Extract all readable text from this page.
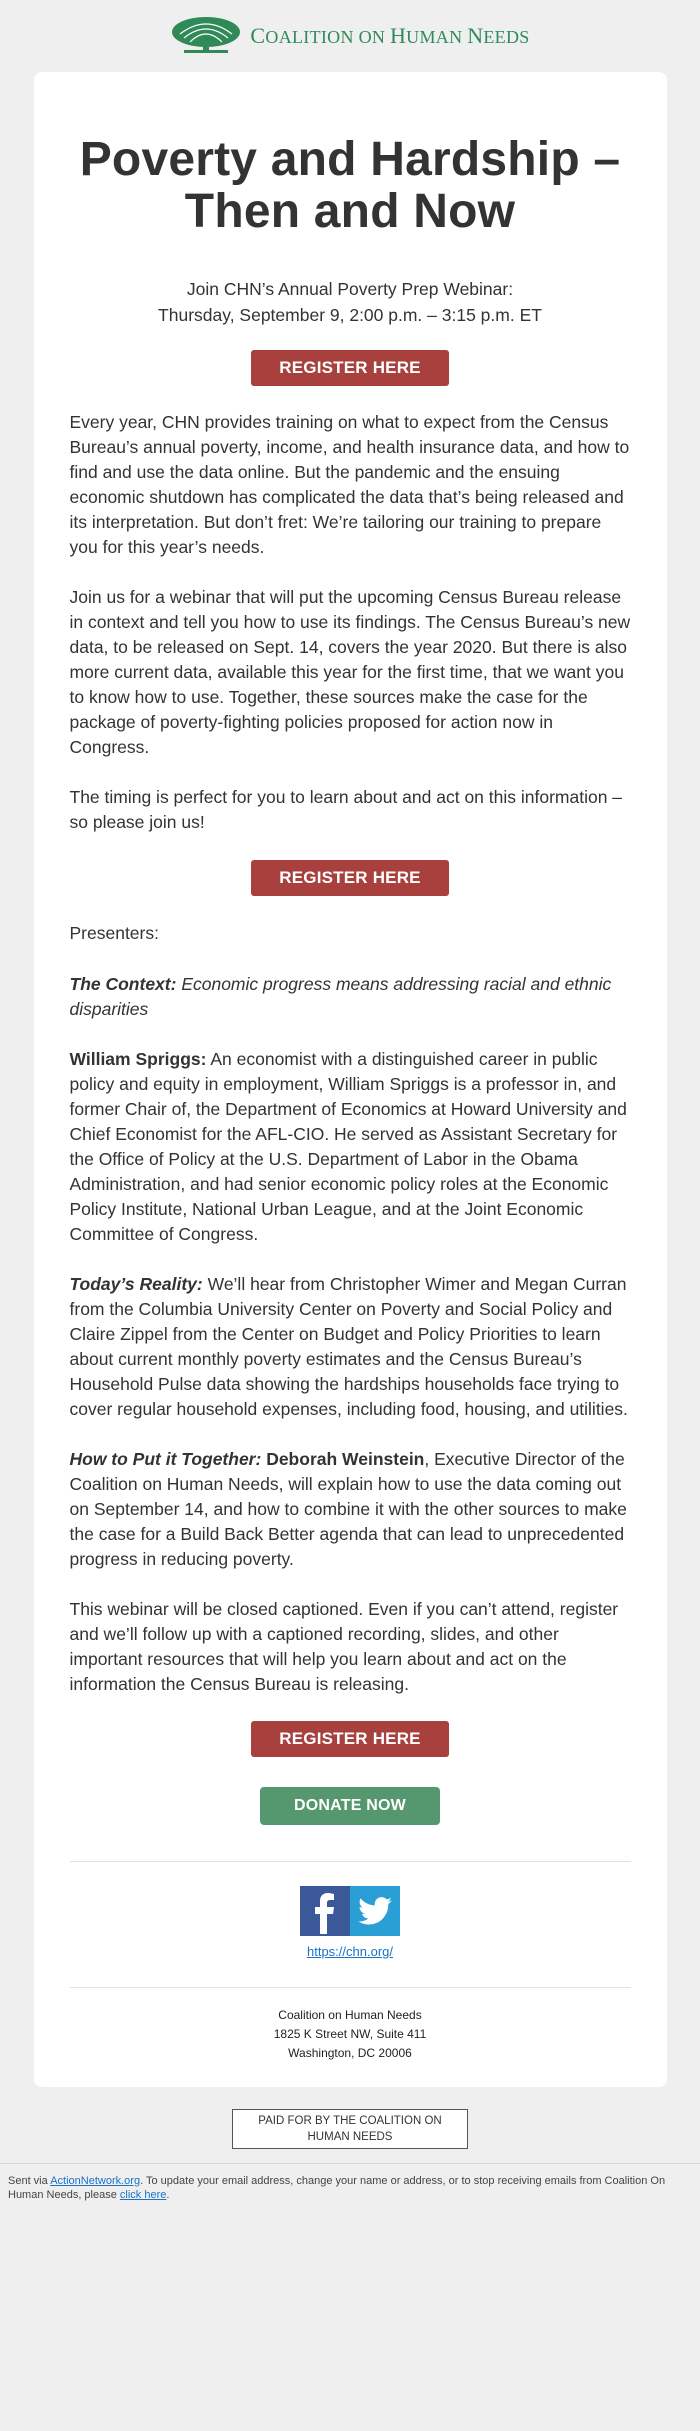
COALITION ON HUMAN NEEDS
Poverty and Hardship – Then and Now
Join CHN’s Annual Poverty Prep Webinar:
Thursday, September 9, 2:00 p.m. – 3:15 p.m. ET
REGISTER HERE

Every year, CHN provides training on what to expect from the Census Bureau’s annual poverty, income, and health insurance data, and how to find and use the data online. But the pandemic and the ensuing economic shutdown has complicated the data that’s being released and its interpretation. But don’t fret: We’re tailoring our training to prepare you for this year’s needs.

Join us for a webinar that will put the upcoming Census Bureau release in context and tell you how to use its findings. The Census Bureau’s new data, to be released on Sept. 14, covers the year 2020. But there is also more current data, available this year for the first time, that we want you to know how to use. Together, these sources make the case for the package of poverty-fighting policies proposed for action now in Congress.

The timing is perfect for you to learn about and act on this information – so please join us!

REGISTER HERE

Presenters:

The Context: Economic progress means addressing racial and ethnic disparities

William Spriggs: An economist with a distinguished career in public policy and equity in employment, William Spriggs is a professor in, and former Chair of, the Department of Economics at Howard University and Chief Economist for the AFL-CIO. He served as Assistant Secretary for the Office of Policy at the U.S. Department of Labor in the Obama Administration, and had senior economic policy roles at the Economic Policy Institute, National Urban League, and at the Joint Economic Committee of Congress.

Today’s Reality: We’ll hear from Christopher Wimer and Megan Curran from the Columbia University Center on Poverty and Social Policy and Claire Zippel from the Center on Budget and Policy Priorities to learn about current monthly poverty estimates and the Census Bureau’s Household Pulse data showing the hardships households face trying to cover regular household expenses, including food, housing, and utilities.

How to Put it Together: Deborah Weinstein, Executive Director of the Coalition on Human Needs, will explain how to use the data coming out on September 14, and how to combine it with the other sources to make the case for a Build Back Better agenda that can lead to unprecedented progress in reducing poverty.

This webinar will be closed captioned. Even if you can’t attend, register and we’ll follow up with a captioned recording, slides, and other important resources that will help you learn about and act on the information the Census Bureau is releasing.

REGISTER HERE
DONATE NOW
https://chn.org/
Coalition on Human Needs
1825 K Street NW, Suite 411
Washington, DC 20006
PAID FOR BY THE COALITION ON HUMAN NEEDS
Sent via ActionNetwork.org. To update your email address, change your name or address, or to stop receiving emails from Coalition On Human Needs, please click here.
